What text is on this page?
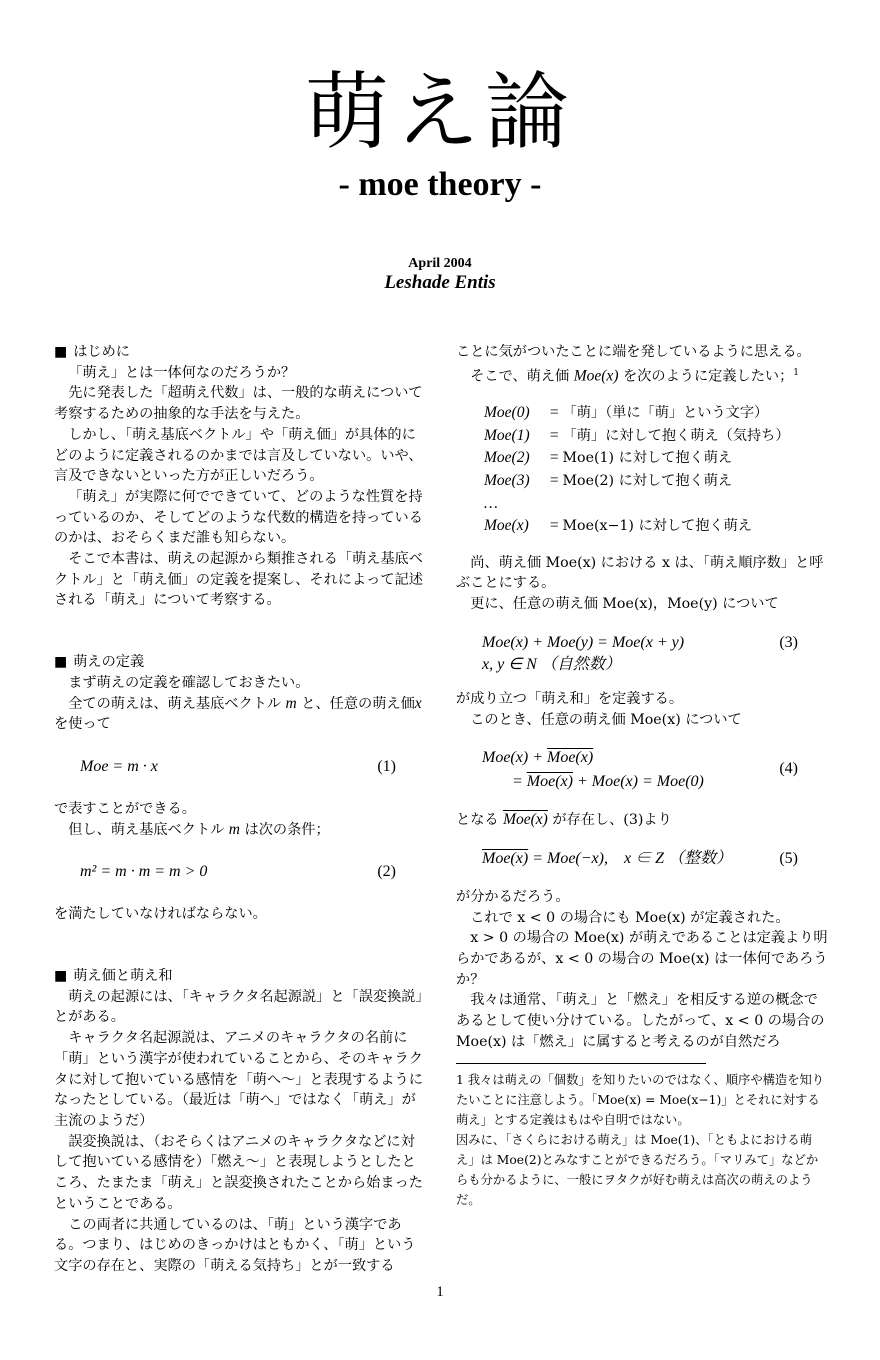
萌え論
- moe theory -
April 2004
Leshade Entis

■ はじめに

「萌え」とは一体何なのだろうか？

先に発表した「超萌え代数」は、一般的な萌えについて考察するための抽象的な手法を与えた。

しかし、「萌え基底ベクトル」や「萌え価」が具体的にどのように定義されるのかまでは言及していない。いや、言及できないといった方が正しいだろう。

「萌え」が実際に何でできていて、どのような性質を持っているのか、そしてどのような代数的構造を持っているのかは、おそらくまだ誰も知らない。

そこで本書は、萌えの起源から類推される「萌え基底ベクトル」と「萌え価」の定義を提案し、それによって記述される「萌え」について考察する。

■ 萌えの定義

まず萌えの定義を確認しておきたい。

全ての萌えは、萌え基底ベクトル m と、任意の萌え価x を使って

Moe = m · x	(1)

で表すことができる。

但し、萌え基底ベクトル m は次の条件；

m² = m · m = m > 0	(2)

を満たしていなければならない。

■ 萌え価と萌え和

萌えの起源には、「キャラクタ名起源説」と「誤変換説」とがある。

キャラクタ名起源説は、アニメのキャラクタの名前に「萌」という漢字が使われていることから、そのキャラクタに対して抱いている感情を「萌へ～」と表現するようになったとしている。（最近は「萌へ」ではなく「萌え」が主流のようだ）

誤変換説は、（おそらくはアニメのキャラクタなどに対して抱いている感情を）「燃え～」と表現しようとしたところ、たまたま「萌え」と誤変換されたことから始まったということである。

この両者に共通しているのは、「萌」という漢字である。つまり、はじめのきっかけはともかく、「萌」という文字の存在と、実際の「萌える気持ち」とが一致する

ことに気がついたことに端を発しているように思える。

そこで、萌え価 Moe(x) を次のように定義したい；$^1$

Moe(0) = 「萌」（単に「萌」という文字）
Moe(1) = 「萌」に対して抱く萌え（気持ち）
Moe(2) = Moe(1) に対して抱く萌え
Moe(3) = Moe(2) に対して抱く萌え
…
Moe(x) = Moe(x−1) に対して抱く萌え

尚、萌え価 Moe(x) における x は、「萌え順序数」と呼ぶことにする。

更に、任意の萌え価 Moe(x)，Moe(y) について

Moe(x) + Moe(y) = Moe(x + y)
x, y ∈ N （自然数）
(3)

が成り立つ「萌え和」を定義する。

このとき、任意の萌え価 Moe(x) について

Moe(x) + Moe(x)
= Moe(x) + Moe(x) = Moe(0)
(4)

となる Moe(x) が存在し、(3)より

Moe(x) = Moe(−x),　x ∈ Z （整数）	(5)

が分かるだろう。

これで x < 0 の場合にも Moe(x) が定義された。

x > 0 の場合の Moe(x) が萌えであることは定義より明らかであるが、x < 0 の場合の Moe(x) は一体何であろうか？

我々は通常、「萌え」と「燃え」を相反する逆の概念であるとして使い分けている。したがって、x < 0 の場合の Moe(x) は「燃え」に属すると考えるのが自然だろ

1 我々は萌えの「個数」を知りたいのではなく、順序や構造を知りたいことに注意しよう。「Moe(x) = Moe(x−1)」とそれに対する萌え」とする定義はもはや自明ではない。

因みに、「さくらにおける萌え」は Moe(1)、「ともよにおける萌え」は Moe(2)とみなすことができるだろう。「マリみて」などからも分かるように、一般にヲタクが好む萌えは高次の萌えのようだ。

1
